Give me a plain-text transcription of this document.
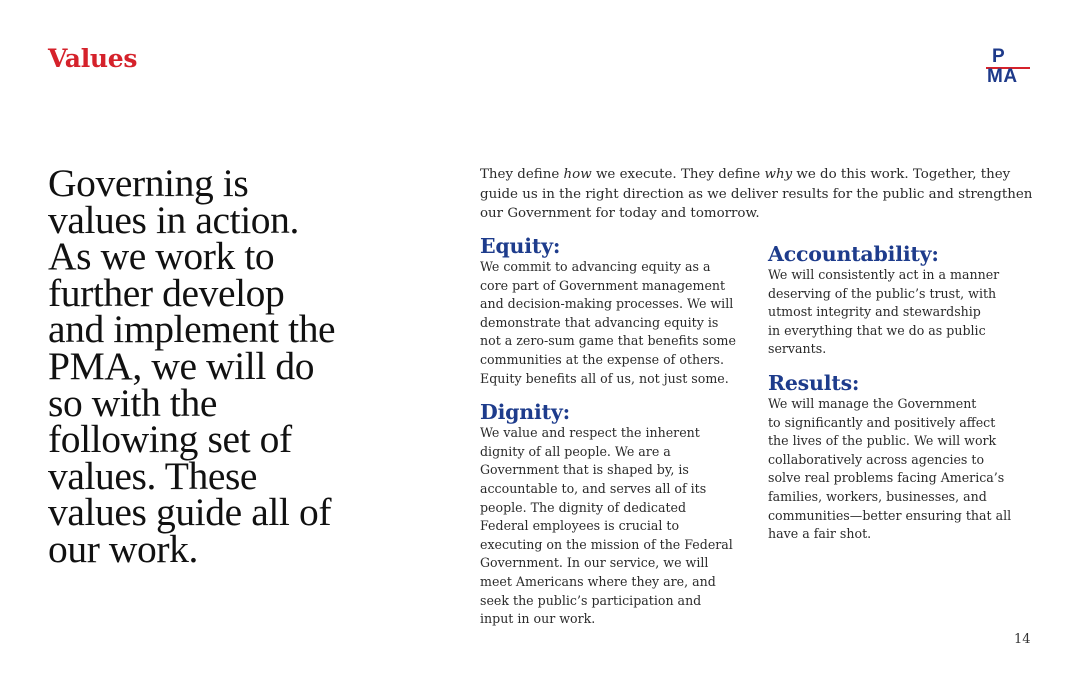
Values	P
MA
Governing is values in action. As we work to further develop and implement the PMA, we will do so with the following set of values. These values guide all of our work.
They define how we execute. They define why we do this work. Together, they guide us in the right direction as we deliver results for the public and strengthen our Government for today and tomorrow.
Equity:

We commit to advancing equity as a
core part of Government management
and decision-making processes. We will
demonstrate that advancing equity is
not a zero-sum game that benefits some
communities at the expense of others.
Equity benefits all of us, not just some.

Dignity:

We value and respect the inherent
dignity of all people. We are a
Government that is shaped by, is
accountable to, and serves all of its
people. The dignity of dedicated
Federal employees is crucial to
executing on the mission of the Federal
Government. In our service, we will
meet Americans where they are, and
seek the public’s participation and
input in our work.

Accountability:

We will consistently act in a manner
deserving of the public’s trust, with
utmost integrity and stewardship
in everything that we do as public
servants.

Results:

We will manage the Government
to significantly and positively affect
the lives of the public. We will work
collaboratively across agencies to
solve real problems facing America’s
families, workers, businesses, and
communities—better ensuring that all
have a fair shot.

14
